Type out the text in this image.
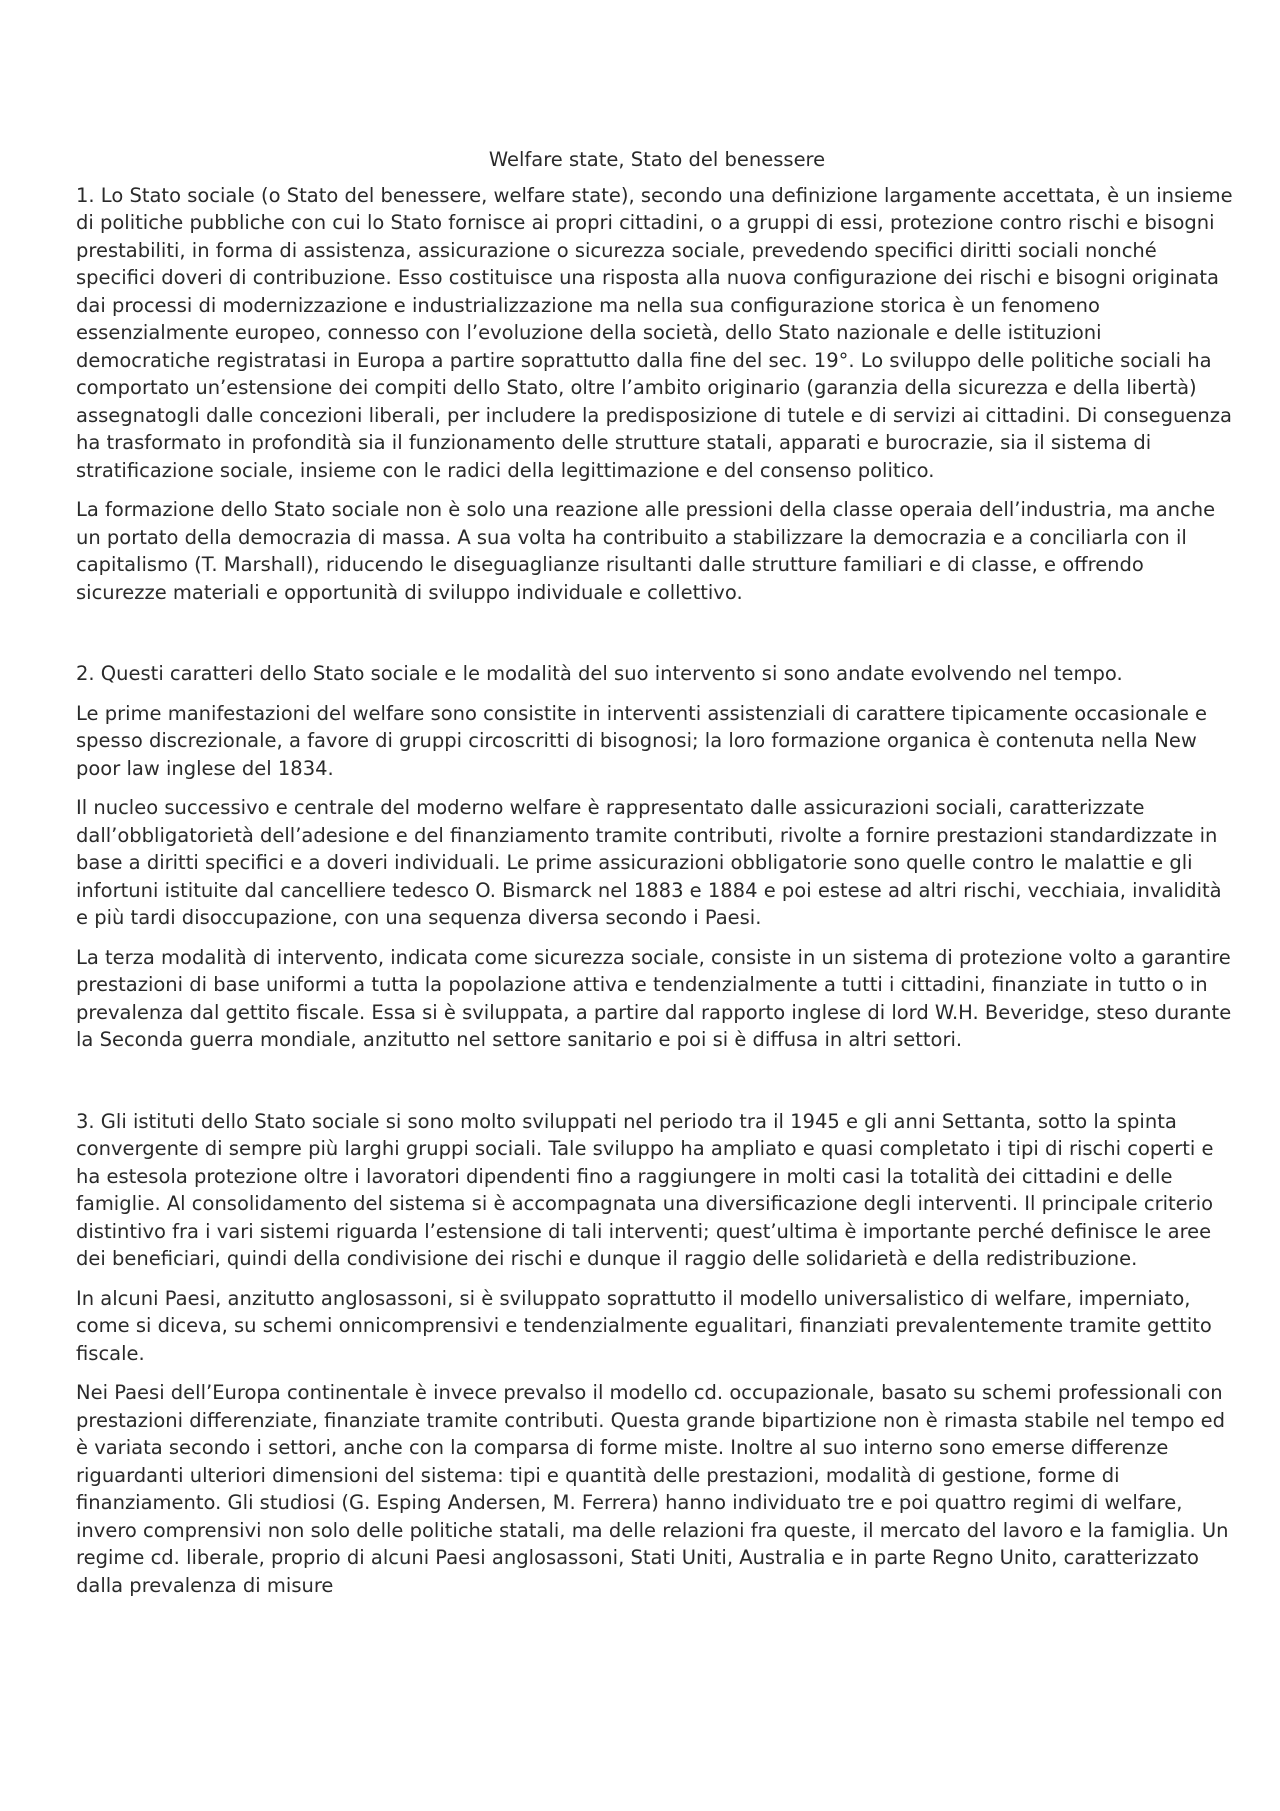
Welfare state, Stato del benessere

1. Lo Stato sociale (o Stato del benessere, welfare state), secondo una definizione largamente accettata, è un insieme di politiche pubbliche con cui lo Stato fornisce ai propri cittadini, o a gruppi di essi, protezione contro rischi e bisogni prestabiliti, in forma di assistenza, assicurazione o sicurezza sociale, prevedendo specifici diritti sociali nonché specifici doveri di contribuzione. Esso costituisce una risposta alla nuova configurazione dei rischi e bisogni originata dai processi di modernizzazione e industrializzazione ma nella sua configurazione storica è un fenomeno essenzialmente europeo, connesso con l’evoluzione della società, dello Stato nazionale e delle istituzioni democratiche registratasi in Europa a partire soprattutto dalla fine del sec. 19°. Lo sviluppo delle politiche sociali ha comportato un’estensione dei compiti dello Stato, oltre l’ambito originario (garanzia della sicurezza e della libertà) assegnatogli dalle concezioni liberali, per includere la predisposizione di tutele e di servizi ai cittadini. Di conseguenza ha trasformato in profondità sia il funzionamento delle strutture statali, apparati e burocrazie, sia il sistema di stratificazione sociale, insieme con le radici della legittimazione e del consenso politico.

La formazione dello Stato sociale non è solo una reazione alle pressioni della classe operaia dell’industria, ma anche un portato della democrazia di massa. A sua volta ha contribuito a stabilizzare la democrazia e a conciliarla con il capitalismo (T. Marshall), riducendo le diseguaglianze risultanti dalle strutture familiari e di classe, e offrendo sicurezze materiali e opportunità di sviluppo individuale e collettivo.

2. Questi caratteri dello Stato sociale e le modalità del suo intervento si sono andate evolvendo nel tempo.

Le prime manifestazioni del welfare sono consistite in interventi assistenziali di carattere tipicamente occasionale e spesso discrezionale, a favore di gruppi circoscritti di bisognosi; la loro formazione organica è contenuta nella New poor law inglese del 1834.

Il nucleo successivo e centrale del moderno welfare è rappresentato dalle assicurazioni sociali, caratterizzate dall’obbligatorietà dell’adesione e del finanziamento tramite contributi, rivolte a fornire prestazioni standardizzate in base a diritti specifici e a doveri individuali. Le prime assicurazioni obbligatorie sono quelle contro le malattie e gli infortuni istituite dal cancelliere tedesco O. Bismarck nel 1883 e 1884 e poi estese ad altri rischi, vecchiaia, invalidità e più tardi disoccupazione, con una sequenza diversa secondo i Paesi.

La terza modalità di intervento, indicata come sicurezza sociale, consiste in un sistema di protezione volto a garantire prestazioni di base uniformi a tutta la popolazione attiva e tendenzialmente a tutti i cittadini, finanziate in tutto o in prevalenza dal gettito fiscale. Essa si è sviluppata, a partire dal rapporto inglese di lord W.H. Beveridge, steso durante la Seconda guerra mondiale, anzitutto nel settore sanitario e poi si è diffusa in altri settori.

3. Gli istituti dello Stato sociale si sono molto sviluppati nel periodo tra il 1945 e gli anni Settanta, sotto la spinta convergente di sempre più larghi gruppi sociali. Tale sviluppo ha ampliato e quasi completato i tipi di rischi coperti e ha estesola protezione oltre i lavoratori dipendenti fino a raggiungere in molti casi la totalità dei cittadini e delle famiglie. Al consolidamento del sistema si è accompagnata una diversificazione degli interventi. Il principale criterio distintivo fra i vari sistemi riguarda l’estensione di tali interventi; quest’ultima è importante perché definisce le aree dei beneficiari, quindi della condivisione dei rischi e dunque il raggio delle solidarietà e della redistribuzione.

In alcuni Paesi, anzitutto anglosassoni, si è sviluppato soprattutto il modello universalistico di welfare, imperniato, come si diceva, su schemi onnicomprensivi e tendenzialmente egualitari, finanziati prevalentemente tramite gettito fiscale.

Nei Paesi dell’Europa continentale è invece prevalso il modello cd. occupazionale, basato su schemi professionali con prestazioni differenziate, finanziate tramite contributi. Questa grande bipartizione non è rimasta stabile nel tempo ed è variata secondo i settori, anche con la comparsa di forme miste. Inoltre al suo interno sono emerse differenze riguardanti ulteriori dimensioni del sistema: tipi e quantità delle prestazioni, modalità di gestione, forme di finanziamento. Gli studiosi (G. Esping Andersen, M. Ferrera) hanno individuato tre e poi quattro regimi di welfare, invero comprensivi non solo delle politiche statali, ma delle relazioni fra queste, il mercato del lavoro e la famiglia. Un regime cd. liberale, proprio di alcuni Paesi anglosassoni, Stati Uniti, Australia e in parte Regno Unito, caratterizzato dalla prevalenza di misure
